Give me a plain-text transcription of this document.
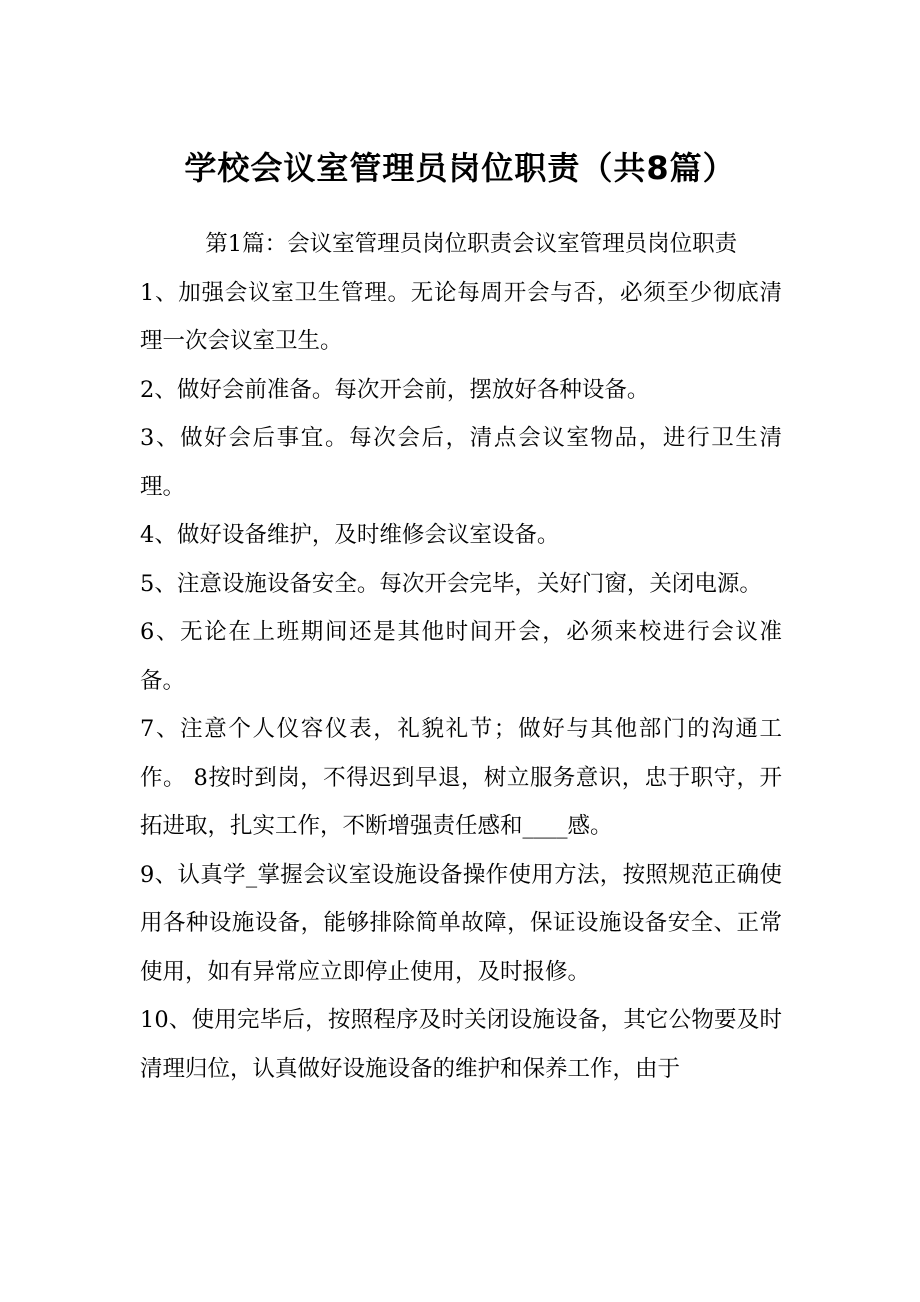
学校会议室管理员岗位职责（共8篇）

第1篇：会议室管理员岗位职责会议室管理员岗位职责

1、加强会议室卫生管理。无论每周开会与否，必须至少彻底清理一次会议室卫生。

2、做好会前准备。每次开会前，摆放好各种设备。

3、做好会后事宜。每次会后，清点会议室物品，进行卫生清理。

4、做好设备维护，及时维修会议室设备。

5、注意设施设备安全。每次开会完毕，关好门窗，关闭电源。

6、无论在上班期间还是其他时间开会，必须来校进行会议准备。

7、注意个人仪容仪表，礼貌礼节；做好与其他部门的沟通工作。 8按时到岗，不得迟到早退，树立服务意识，忠于职守，开拓进取，扎实工作，不断增强责任感和____感。

9、认真学_掌握会议室设施设备操作使用方法，按照规范正确使用各种设施设备，能够排除简单故障，保证设施设备安全、正常使用，如有异常应立即停止使用，及时报修。

10、使用完毕后，按照程序及时关闭设施设备，其它公物要及时清理归位，认真做好设施设备的维护和保养工作，由于
